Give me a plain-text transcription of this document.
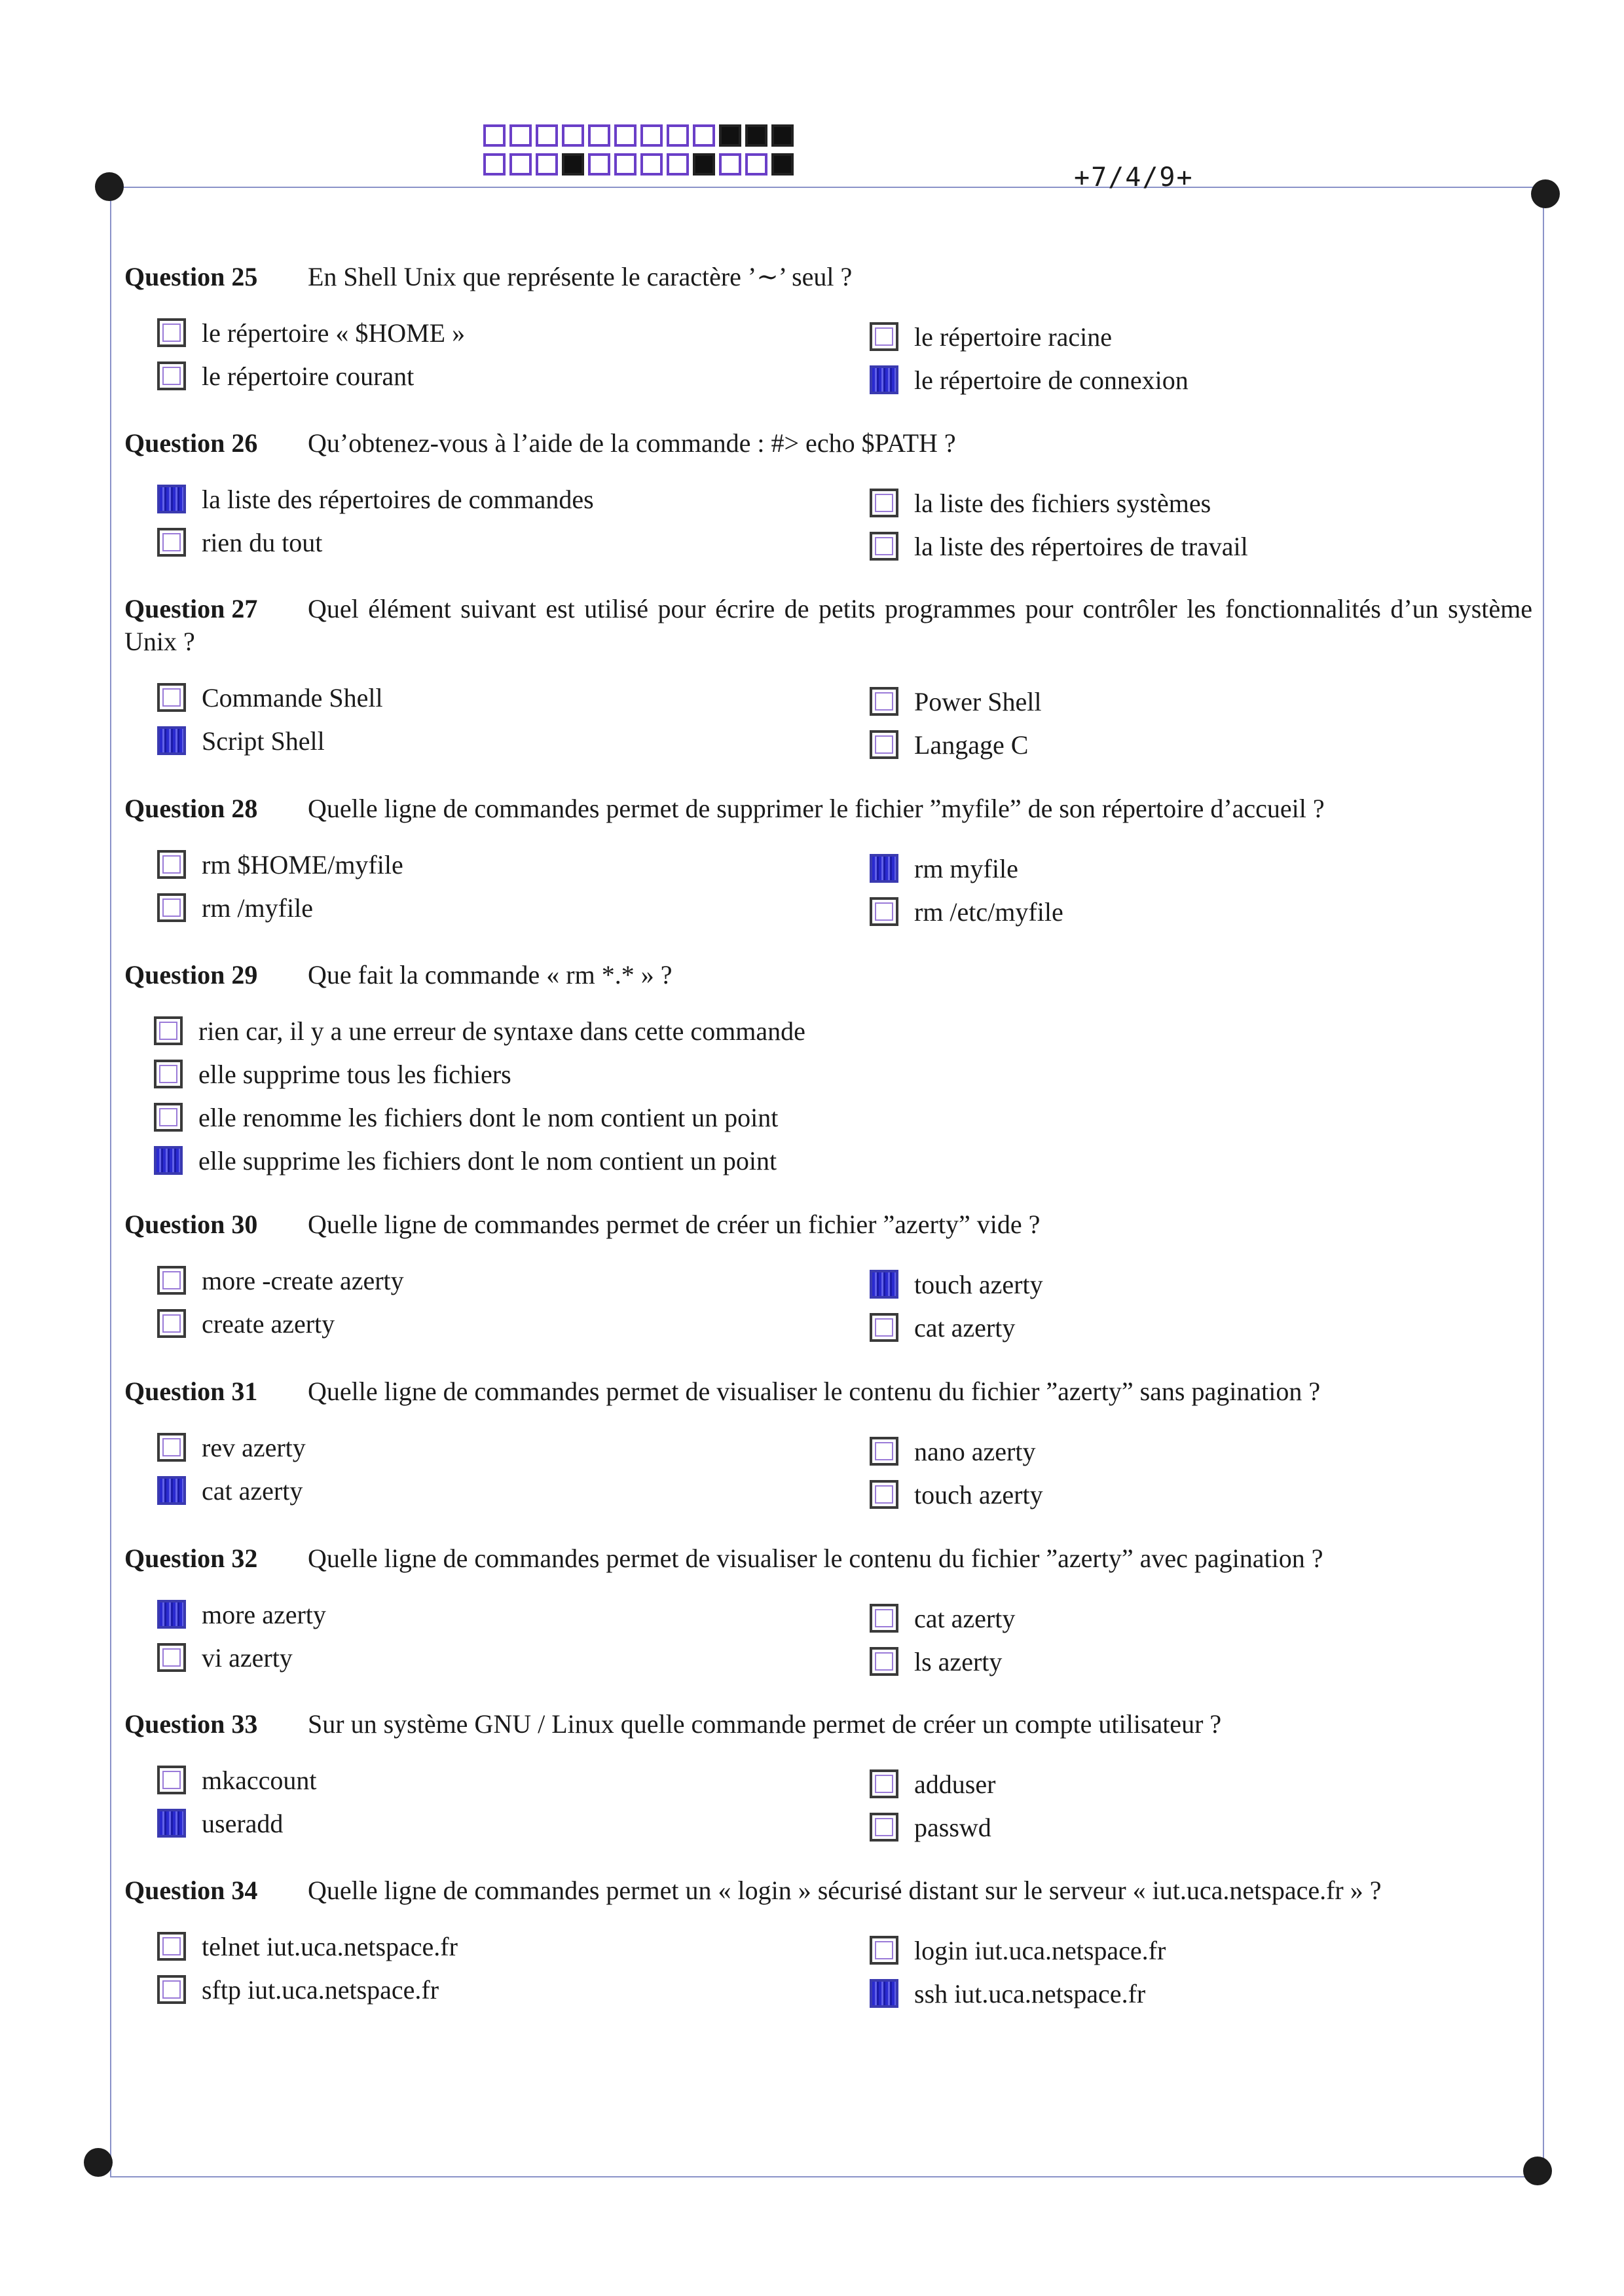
+7/4/9+
Question 25 En Shell Unix que représente le caractère ’∼’ seul ?
le répertoire « $HOME »
le répertoire courant
le répertoire racine
le répertoire de connexion
Question 26 Qu’obtenez-vous à l’aide de la commande : #> echo $PATH ?
la liste des répertoires de commandes
rien du tout
la liste des fichiers systèmes
la liste des répertoires de travail
Question 27 Quel élément suivant est utilisé pour écrire de petits programmes pour contrôler les fonctionnalités d’un système Unix ?
Commande Shell
Script Shell
Power Shell
Langage C
Question 28 Quelle ligne de commandes permet de supprimer le fichier ”myfile” de son répertoire d’accueil ?
rm $HOME/myfile
rm /myfile
rm myfile
rm /etc/myfile
Question 29 Que fait la commande « rm *.* » ?
rien car, il y a une erreur de syntaxe dans cette commande
elle supprime tous les fichiers
elle renomme les fichiers dont le nom contient un point
elle supprime les fichiers dont le nom contient un point
Question 30 Quelle ligne de commandes permet de créer un fichier ”azerty” vide ?
more -create azerty
create azerty
touch azerty
cat azerty
Question 31 Quelle ligne de commandes permet de visualiser le contenu du fichier ”azerty” sans pagination ?
rev azerty
cat azerty
nano azerty
touch azerty
Question 32 Quelle ligne de commandes permet de visualiser le contenu du fichier ”azerty” avec pagination ?
more azerty
vi azerty
cat azerty
ls azerty
Question 33 Sur un système GNU / Linux quelle commande permet de créer un compte utilisateur ?
mkaccount
useradd
adduser
passwd
Question 34 Quelle ligne de commandes permet un « login » sécurisé distant sur le serveur « iut.uca.netspace.fr » ?
telnet iut.uca.netspace.fr
sftp iut.uca.netspace.fr
login iut.uca.netspace.fr
ssh iut.uca.netspace.fr
